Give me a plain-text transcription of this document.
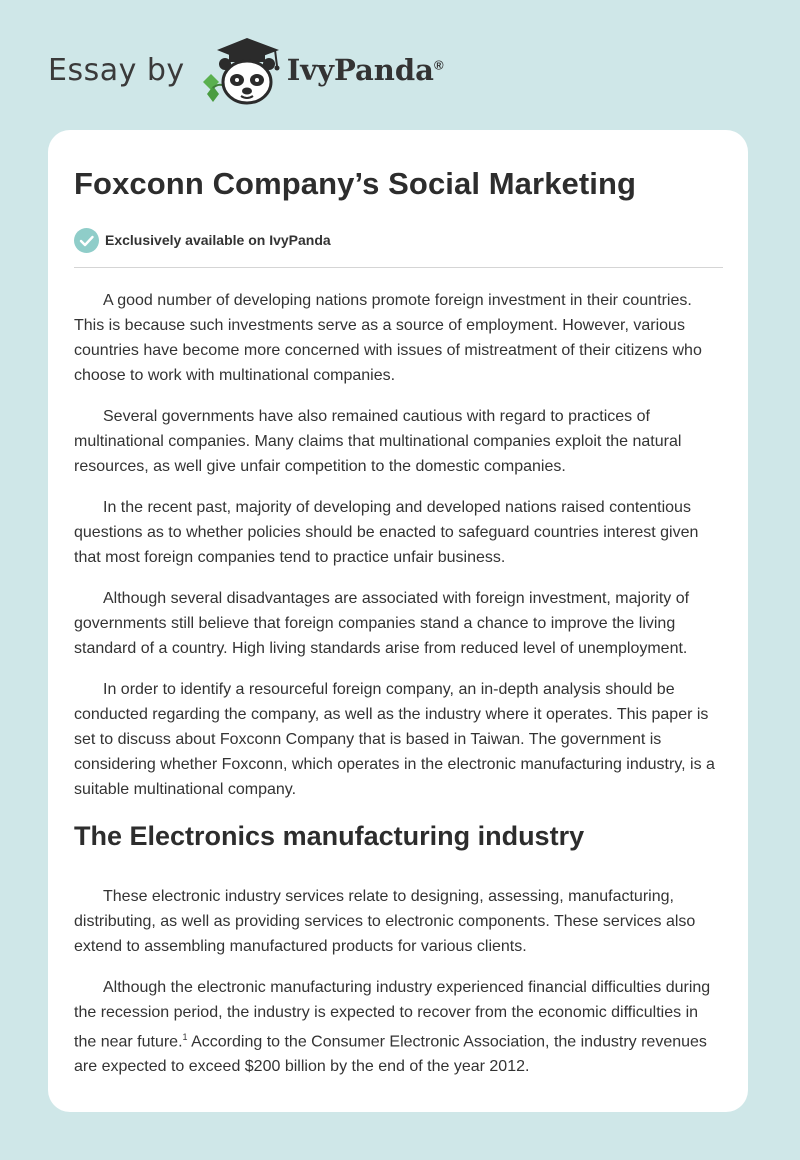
Essay by	IvyPanda®
Foxconn Company’s Social Marketing
Exclusively available on IvyPanda

A good number of developing nations promote foreign investment in their countries. This is because such investments serve as a source of employment. However, various countries have become more concerned with issues of mistreatment of their citizens who choose to work with multinational companies.

Several governments have also remained cautious with regard to practices of multinational companies. Many claims that multinational companies exploit the natural resources, as well give unfair competition to the domestic companies.

In the recent past, majority of developing and developed nations raised contentious questions as to whether policies should be enacted to safeguard countries interest given that most foreign companies tend to practice unfair business.

Although several disadvantages are associated with foreign investment, majority of governments still believe that foreign companies stand a chance to improve the living standard of a country. High living standards arise from reduced level of unemployment.

In order to identify a resourceful foreign company, an in-depth analysis should be conducted regarding the company, as well as the industry where it operates. This paper is set to discuss about Foxconn Company that is based in Taiwan. The government is considering whether Foxconn, which operates in the electronic manufacturing industry, is a suitable multinational company.

The Electronics manufacturing industry

These electronic industry services relate to designing, assessing, manufacturing, distributing, as well as providing services to electronic components. These services also extend to assembling manufactured products for various clients.

Although the electronic manufacturing industry experienced financial difficulties during the recession period, the industry is expected to recover from the economic difficulties in the near future.$^1$ According to the Consumer Electronic Association, the industry revenues are expected to exceed $200 billion by the end of the year 2012.
